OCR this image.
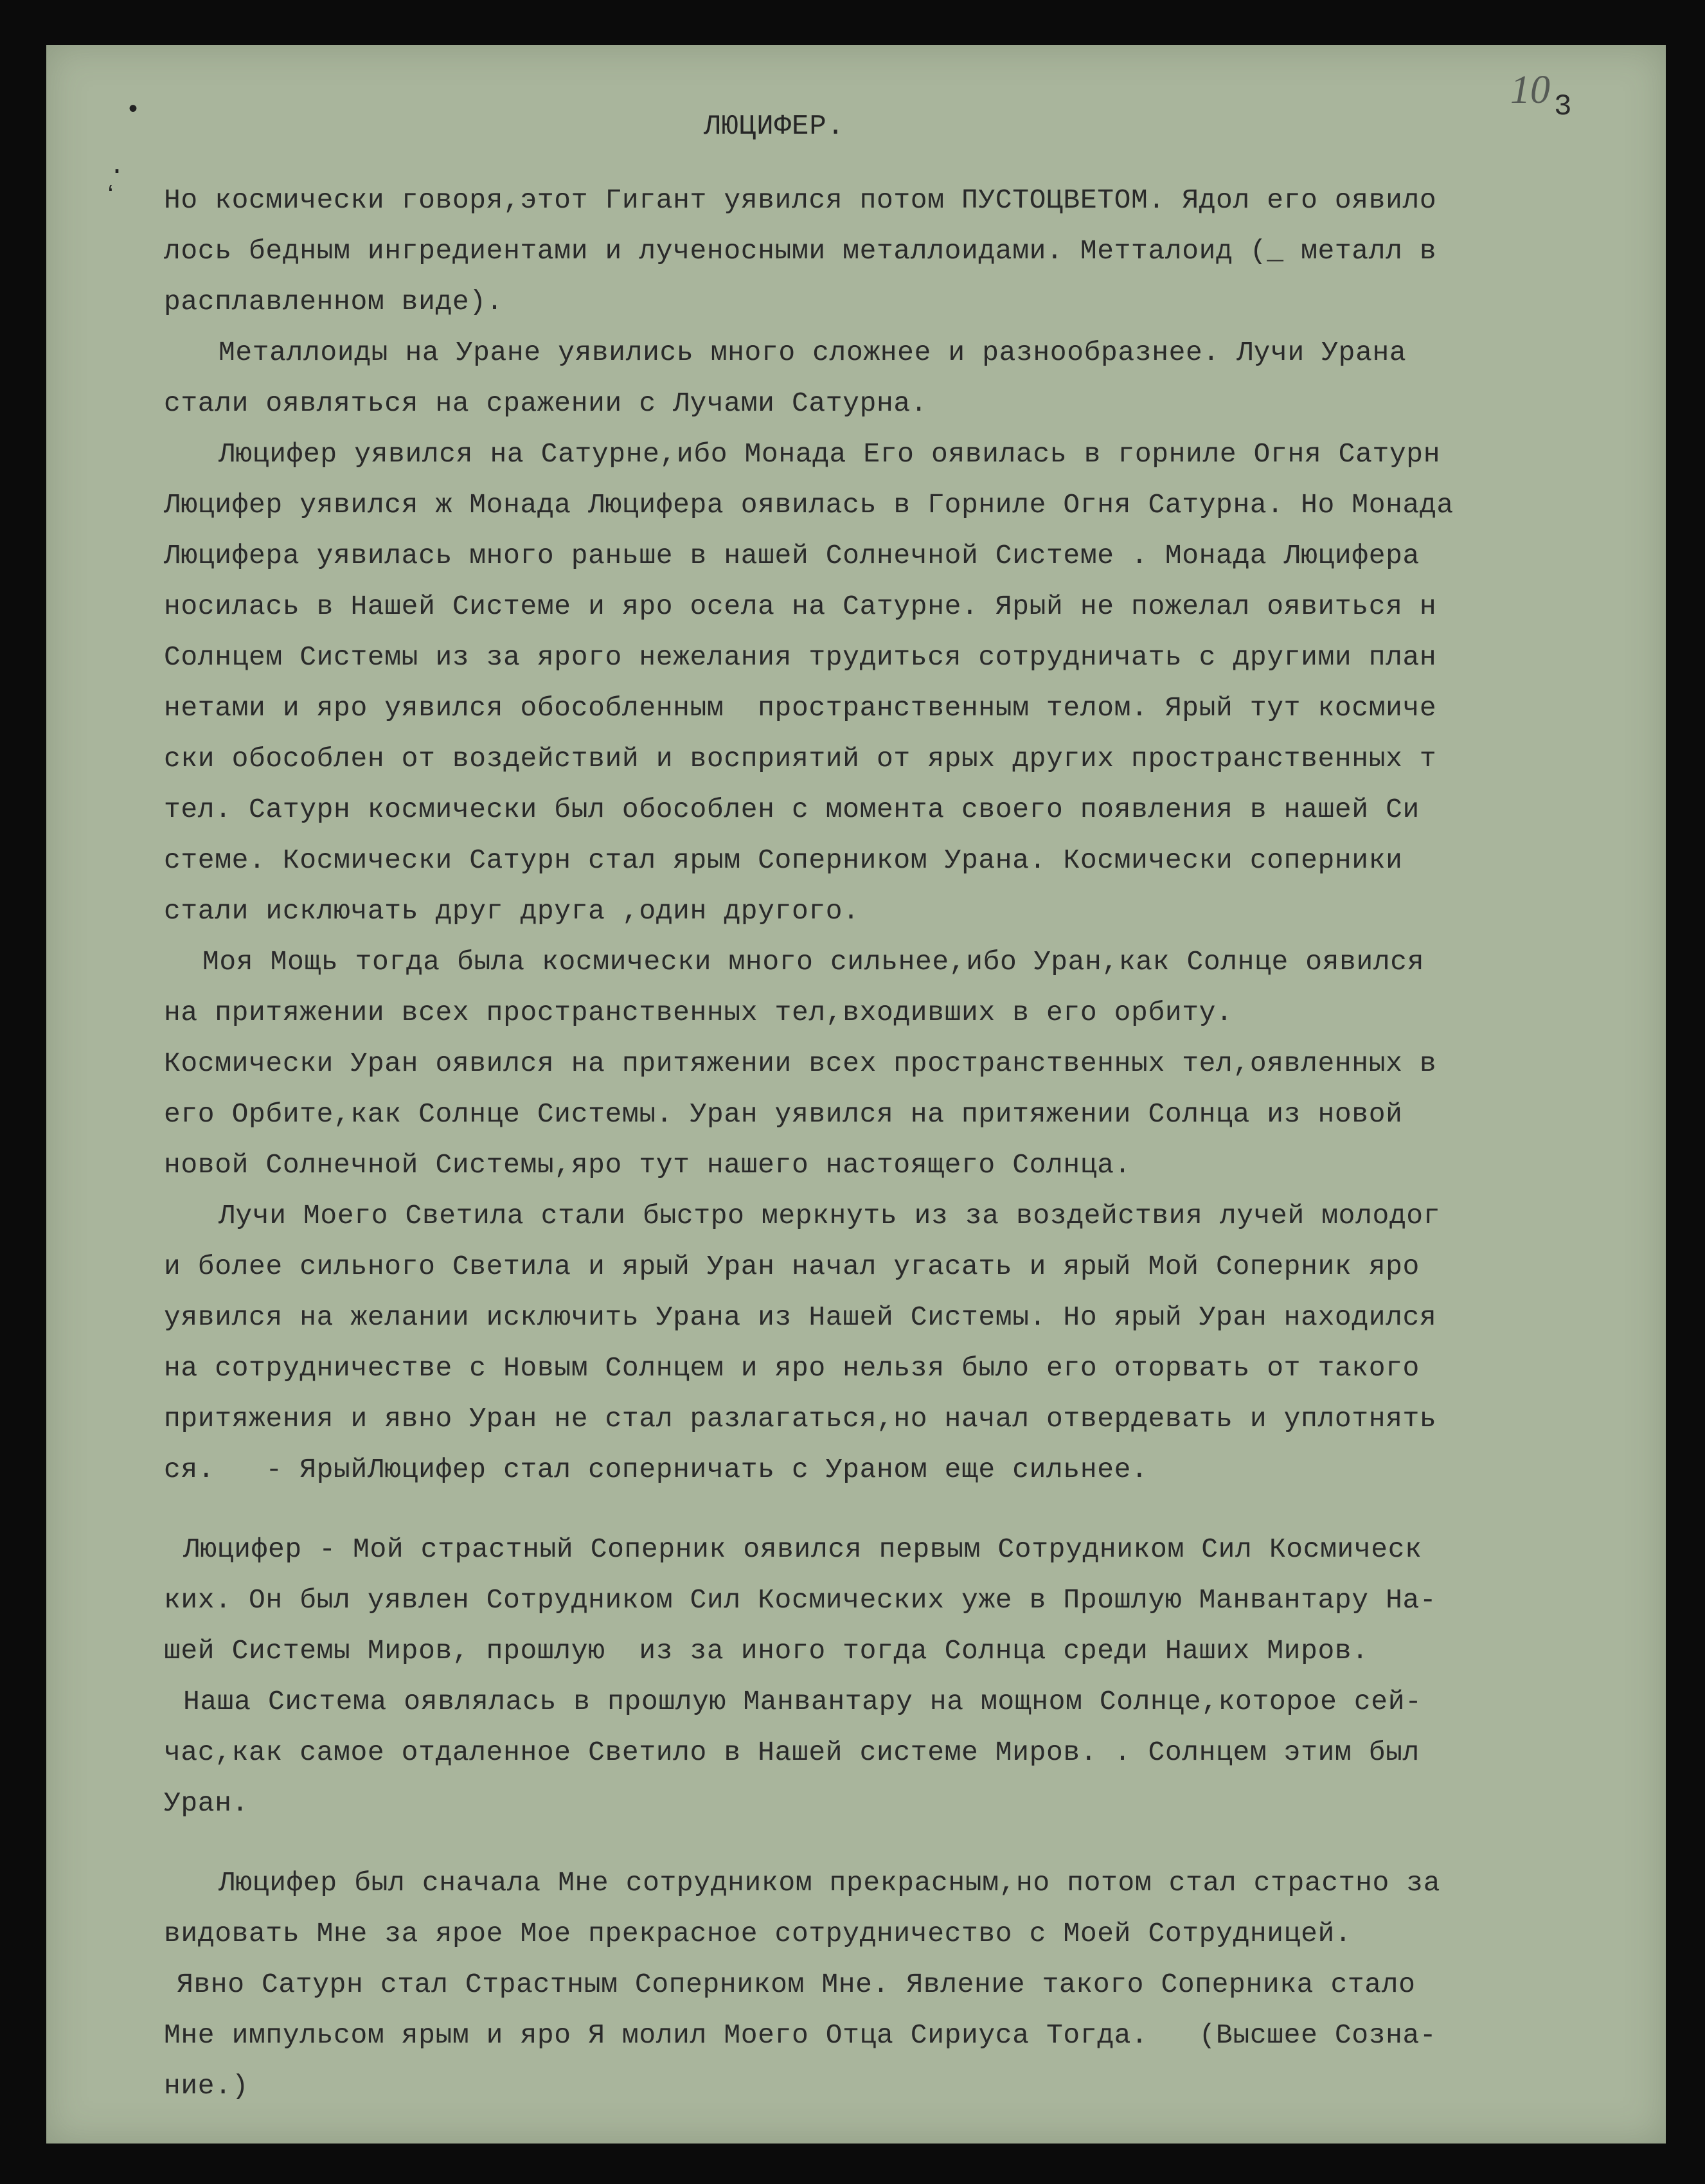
•
·
ʻ
10 3
ЛЮЦИФЕР.
Но космически говоря,этот Гигант уявился потом ПУСТОЦВЕТОМ. Ядол его оявило
лось бедным ингредиентами и лученосными металлоидами. Метталоид (_ металл в
расплавленном виде).
Металлоиды на Уране уявились много сложнее и разнообразнее. Лучи Урана
стали оявляться на сражении с Лучами Сатурна.
Люцифер уявился на Сатурне,ибо Монада Его оявилась в горниле Огня Сатурн
Люцифер уявился ж Монада Люцифера оявилась в Горниле Огня Сатурна. Но Монада
Люцифера уявилась много раньше в нашей Солнечной Системе . Монада Люцифера
носилась в Нашей Системе и яро осела на Сатурне. Ярый не пожелал оявиться н
Солнцем Системы из за ярого нежелания трудиться сотрудничать с другими план
нетами и яро уявился обособленным  пространственным телом. Ярый тут космиче
ски обособлен от воздействий и восприятий от ярых других пространственных т
тел. Сатурн космически был обособлен с момента своего появления в нашей Си
стеме. Космически Сатурн стал ярым Соперником Урана. Космически соперники
стали исключать друг друга ,один другого.
Моя Мощь тогда была космически много сильнее,ибо Уран,как Солнце оявился
на притяжении всех пространственных тел,входивших в его орбиту.
Космически Уран оявился на притяжении всех пространственных тел,оявленных в
его Орбите,как Солнце Системы. Уран уявился на притяжении Солнца из новой
новой Солнечной Системы,яро тут нашего настоящего Солнца.
Лучи Моего Светила стали быстро меркнуть из за воздействия лучей молодог
и более сильного Светила и ярый Уран начал угасать и ярый Мой Соперник яро
уявился на желании исключить Урана из Нашей Системы. Но ярый Уран находился
на сотрудничестве с Новым Солнцем и яро нельзя было его оторвать от такого
притяжения и явно Уран не стал разлагаться,но начал отвердевать и уплотнять
ся.   - ЯрыйЛюцифер стал соперничать с Ураном еще сильнее.
Люцифер - Мой страстный Соперник оявился первым Сотрудником Сил Космическ
ких. Он был уявлен Сотрудником Сил Космических уже в Прошлую Манвантару На-
шей Системы Миров, прошлую  из за иного тогда Солнца среди Наших Миров.
Наша Система оявлялась в прошлую Манвантару на мощном Солнце,которое сей-
час,как самое отдаленное Светило в Нашей системе Миров. . Солнцем этим был
Уран.
Люцифер был сначала Мне сотрудником прекрасным,но потом стал страстно за
видовать Мне за ярое Мое прекрасное сотрудничество с Моей Сотрудницей.
Явно Сатурн стал Страстным Соперником Мне. Явление такого Соперника стало
Мне импульсом ярым и яро Я молил Моего Отца Сириуса Тогда.   (Высшее Созна-
ние.)
